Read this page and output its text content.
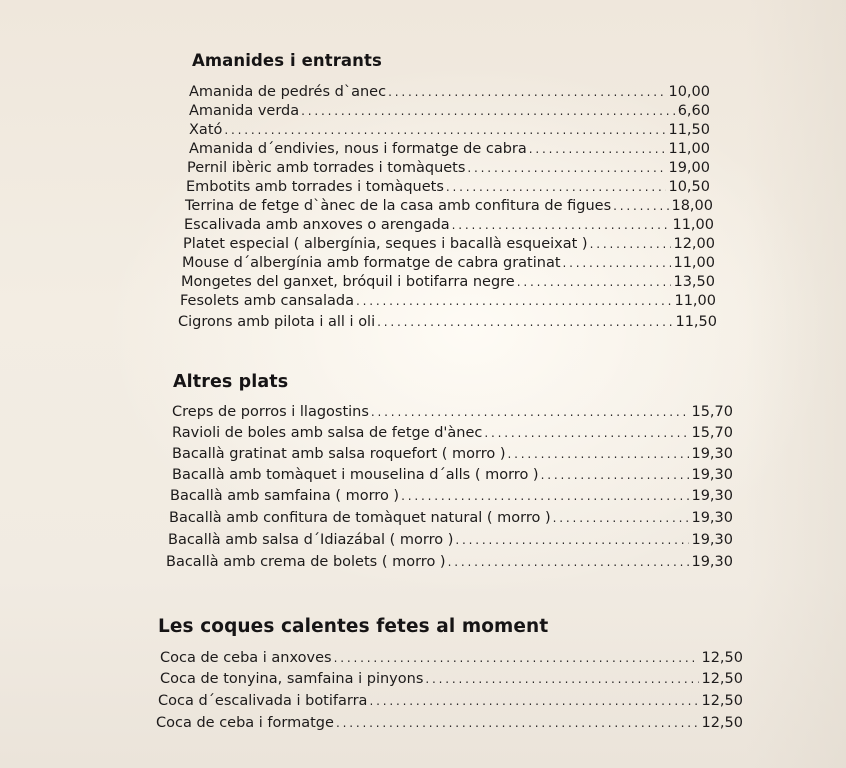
Amanides i entrants
Amanida de pedrés d`anec . . .	10,00
Amanida verda . . .	6,60
Xató . . .	11,50
Amanida d´endivies, nous i formatge de cabra . . .	11,00
Pernil ibèric amb torrades i tomàquets . . .	19,00
Embotits amb torrades i tomàquets . . .	10,50
Terrina de fetge d`ànec de la casa amb confitura de figues . . .	18,00
Escalivada amb anxoves o arengada . . .	11,00
Platet especial ( albergínia, seques i bacallà esqueixat ) . . .	12,00
Mouse d´albergínia amb formatge de cabra gratinat . . .	11,00
Mongetes del ganxet, bróquil i botifarra negre . . .	13,50
Fesolets amb cansalada . . .	11,00
Cigrons amb pilota i all i oli . . .	11,50
Altres plats
Creps de porros i llagostins . . .	15,70
Ravioli de boles amb salsa de fetge d'ànec . . .	15,70
Bacallà gratinat amb salsa roquefort ( morro ) . . .	19,30
Bacallà amb tomàquet i mouselina d´alls ( morro ) . . .	19,30
Bacallà amb samfaina ( morro ) . . .	19,30
Bacallà amb confitura de tomàquet natural ( morro ) . . .	19,30
Bacallà amb salsa d´Idiazábal ( morro ) . . .	19,30
Bacallà amb crema de bolets ( morro ) . . .	19,30
Les coques calentes fetes al moment
Coca de ceba i anxoves . . .	12,50
Coca de tonyina, samfaina i pinyons . . .	12,50
Coca d´escalivada i botifarra . . .	12,50
Coca de ceba i formatge . . .	12,50
